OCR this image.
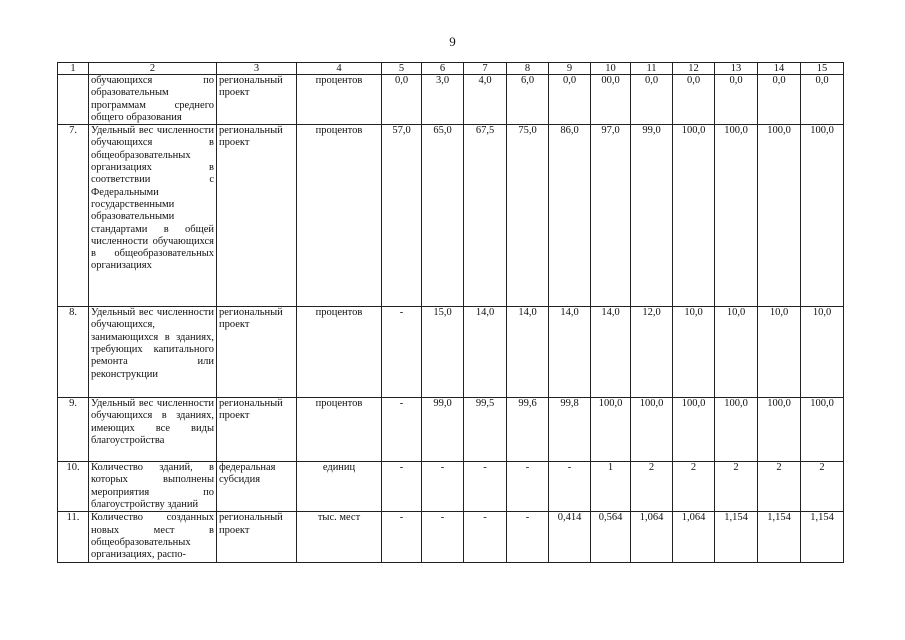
9
1	2	3	4	5	6	7	8	9	10	11	12	13	14	15
	обучающихся по образовательным программам среднего общего образования	региональный проект	процентов	0,0	3,0	4,0	6,0	0,0	00,0	0,0	0,0	0,0	0,0	0,0
7.	Удельный вес численности обучающихся в общеобразовательных организациях в соответствии с Федеральными государственными образовательными стандартами в общей численности обучающихся в общеобразовательных организациях	региональный проект	процентов	57,0	65,0	67,5	75,0	86,0	97,0	99,0	100,0	100,0	100,0	100,0
8.	Удельный вес численности обучающихся, занимающихся в зданиях, требующих капитального ремонта или реконструкции	региональный проект	процентов	-	15,0	14,0	14,0	14,0	14,0	12,0	10,0	10,0	10,0	10,0
9.	Удельный вес численности обучающихся в зданиях, имеющих все виды благоустройства	региональный проект	процентов	-	99,0	99,5	99,6	99,8	100,0	100,0	100,0	100,0	100,0	100,0
10.	Количество зданий, в которых выполнены мероприятия по благоустройству зданий	федеральная субсидия	единиц	-	-	-	-	-	1	2	2	2	2	2
11.	Количество созданных новых мест в общеобразовательных организациях, распо-	региональный проект	тыс. мест	-	-	-	-	0,414	0,564	1,064	1,064	1,154	1,154	1,154
